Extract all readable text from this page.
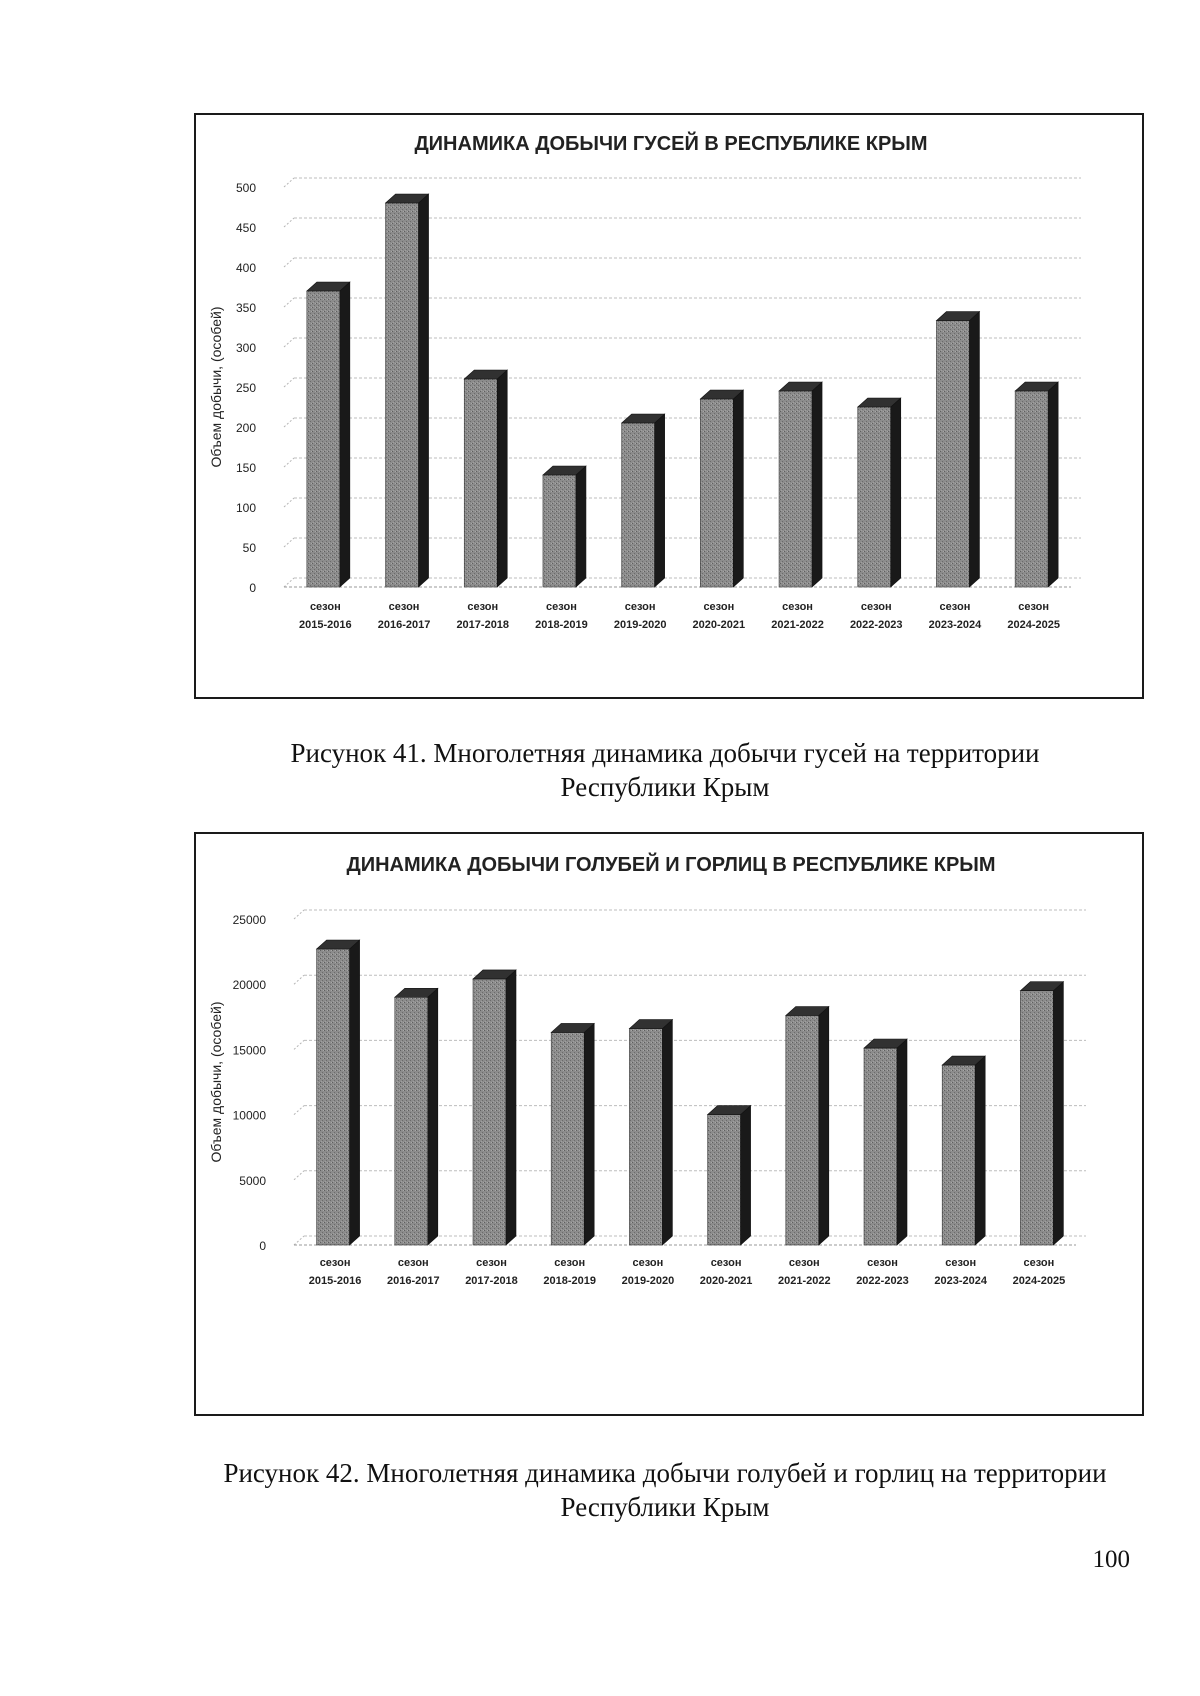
ДИНАМИКА ДОБЫЧИ ГУСЕЙ В РЕСПУБЛИКЕ КРЫМ
0
50
100
150
200
250
300
350
400
450
500
Объем добычи, (особей)
сезон
2015-2016
сезон
2016-2017
сезон
2017-2018
сезон
2018-2019
сезон
2019-2020
сезон
2020-2021
сезон
2021-2022
сезон
2022-2023
сезон
2023-2024
сезон
2024-2025
Рисунок 41. Многолетняя динамика добычи гусей на территории
Республики Крым
ДИНАМИКА ДОБЫЧИ ГОЛУБЕЙ И ГОРЛИЦ В РЕСПУБЛИКЕ КРЫМ
0
5000
10000
15000
20000
25000
Объем добычи, (особей)
сезон
2015-2016
сезон
2016-2017
сезон
2017-2018
сезон
2018-2019
сезон
2019-2020
сезон
2020-2021
сезон
2021-2022
сезон
2022-2023
сезон
2023-2024
сезон
2024-2025
Рисунок 42. Многолетняя динамика добычи голубей и горлиц на территории
Республики Крым
100
